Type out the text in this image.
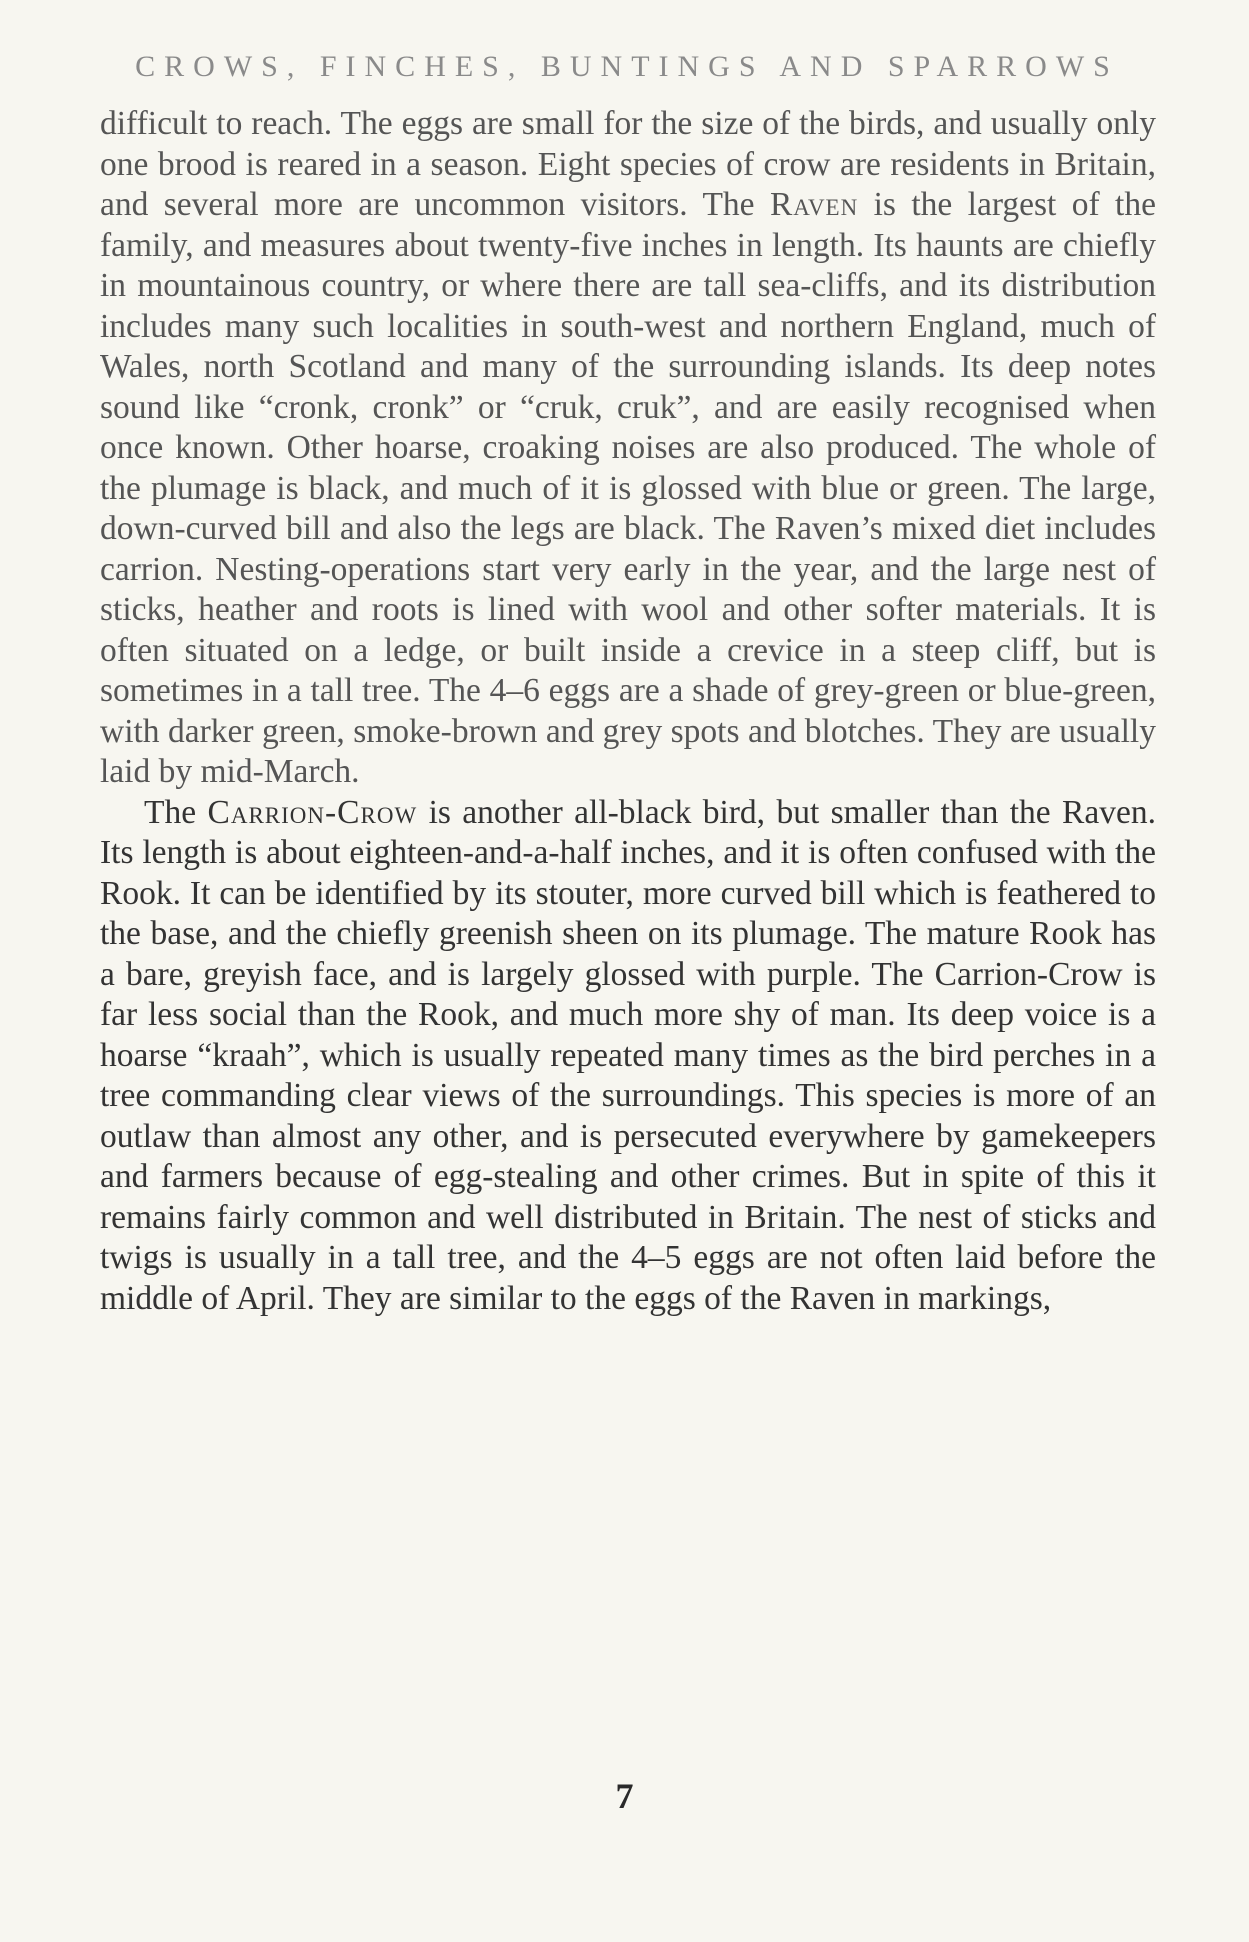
CROWS, FINCHES, BUNTINGS AND SPARROWS

difficult to reach. The eggs are small for the size of the birds, and usually only one brood is reared in a season. Eight species of crow are residents in Britain, and several more are uncommon visitors. The Raven is the largest of the family, and measures about twenty-five inches in length. Its haunts are chiefly in mountainous country, or where there are tall sea-cliffs, and its distribution includes many such localities in south-west and northern England, much of Wales, north Scotland and many of the surrounding islands. Its deep notes sound like “cronk, cronk” or “cruk, cruk”, and are easily recognised when once known. Other hoarse, croaking noises are also produced. The whole of the plumage is black, and much of it is glossed with blue or green. The large, down-curved bill and also the legs are black. The Raven’s mixed diet includes carrion. Nesting-operations start very early in the year, and the large nest of sticks, heather and roots is lined with wool and other softer materials. It is often situated on a ledge, or built inside a crevice in a steep cliff, but is sometimes in a tall tree. The 4–6 eggs are a shade of grey-green or blue-green, with darker green, smoke-brown and grey spots and blotches. They are usually laid by mid-March.

The Carrion-Crow is another all-black bird, but smaller than the Raven. Its length is about eighteen-and-a-half inches, and it is often confused with the Rook. It can be identified by its stouter, more curved bill which is feathered to the base, and the chiefly greenish sheen on its plumage. The mature Rook has a bare, greyish face, and is largely glossed with purple. The Carrion-Crow is far less social than the Rook, and much more shy of man. Its deep voice is a hoarse “kraah”, which is usually repeated many times as the bird perches in a tree commanding clear views of the surroundings. This species is more of an outlaw than almost any other, and is persecuted everywhere by gamekeepers and farmers because of egg-stealing and other crimes. But in spite of this it remains fairly common and well distributed in Britain. The nest of sticks and twigs is usually in a tall tree, and the 4–5 eggs are not often laid before the middle of April. They are similar to the eggs of the Raven in markings,

7
